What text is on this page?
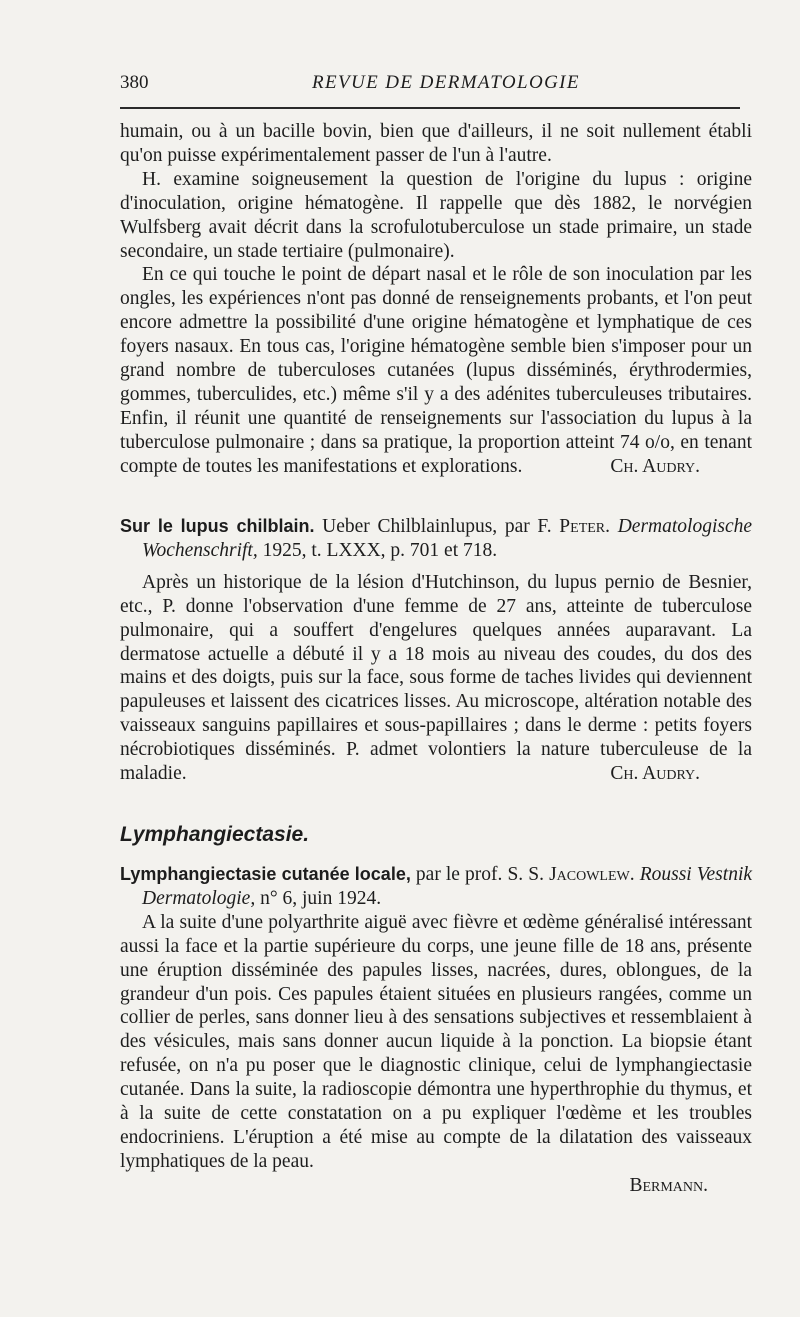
380	REVUE DE DERMATOLOGIE

humain, ou à un bacille bovin, bien que d'ailleurs, il ne soit nullement établi qu'on puisse expérimentalement passer de l'un à l'autre.

H. examine soigneusement la question de l'origine du lupus : origine d'inoculation, origine hématogène. Il rappelle que dès 1882, le norvégien Wulfsberg avait décrit dans la scrofulotuberculose un stade primaire, un stade secondaire, un stade tertiaire (pulmonaire).

En ce qui touche le point de départ nasal et le rôle de son inoculation par les ongles, les expériences n'ont pas donné de renseignements probants, et l'on peut encore admettre la possibilité d'une origine hématogène et lymphatique de ces foyers nasaux. En tous cas, l'origine hématogène semble bien s'imposer pour un grand nombre de tuberculoses cutanées (lupus disséminés, érythrodermies, gommes, tuberculides, etc.) même s'il y a des adénites tuberculeuses tributaires. Enfin, il réunit une quantité de renseignements sur l'association du lupus à la tuberculose pulmonaire ; dans sa pratique, la proportion atteint 74 o/o, en tenant compte de toutes les manifestations et explorations.	Ch. Audry.

Sur le lupus chilblain. Ueber Chilblainlupus, par F. Peter. Dermatologische Wochenschrift, 1925, t. LXXX, p. 701 et 718.

Après un historique de la lésion d'Hutchinson, du lupus pernio de Besnier, etc., P. donne l'observation d'une femme de 27 ans, atteinte de tuberculose pulmonaire, qui a souffert d'engelures quelques années auparavant. La dermatose actuelle a débuté il y a 18 mois au niveau des coudes, du dos des mains et des doigts, puis sur la face, sous forme de taches livides qui deviennent papuleuses et laissent des cicatrices lisses. Au microscope, altération notable des vaisseaux sanguins papillaires et sous-papillaires ; dans le derme : petits foyers nécrobiotiques disséminés. P. admet volontiers la nature tuberculeuse de la maladie.	Ch. Audry.

Lymphangiectasie.

Lymphangiectasie cutanée locale, par le prof. S. S. Jacowlew. Roussi Vestnik Dermatologie, n° 6, juin 1924.

A la suite d'une polyarthrite aiguë avec fièvre et œdème généralisé intéressant aussi la face et la partie supérieure du corps, une jeune fille de 18 ans, présente une éruption disséminée des papules lisses, nacrées, dures, oblongues, de la grandeur d'un pois. Ces papules étaient situées en plusieurs rangées, comme un collier de perles, sans donner lieu à des sensations subjectives et ressemblaient à des vésicules, mais sans donner aucun liquide à la ponction. La biopsie étant refusée, on n'a pu poser que le diagnostic clinique, celui de lymphangiectasie cutanée. Dans la suite, la radioscopie démontra une hyperthrophie du thymus, et à la suite de cette constatation on a pu expliquer l'œdème et les troubles endocriniens. L'éruption a été mise au compte de la dilatation des vaisseaux lymphatiques de la peau.

Bermann.
